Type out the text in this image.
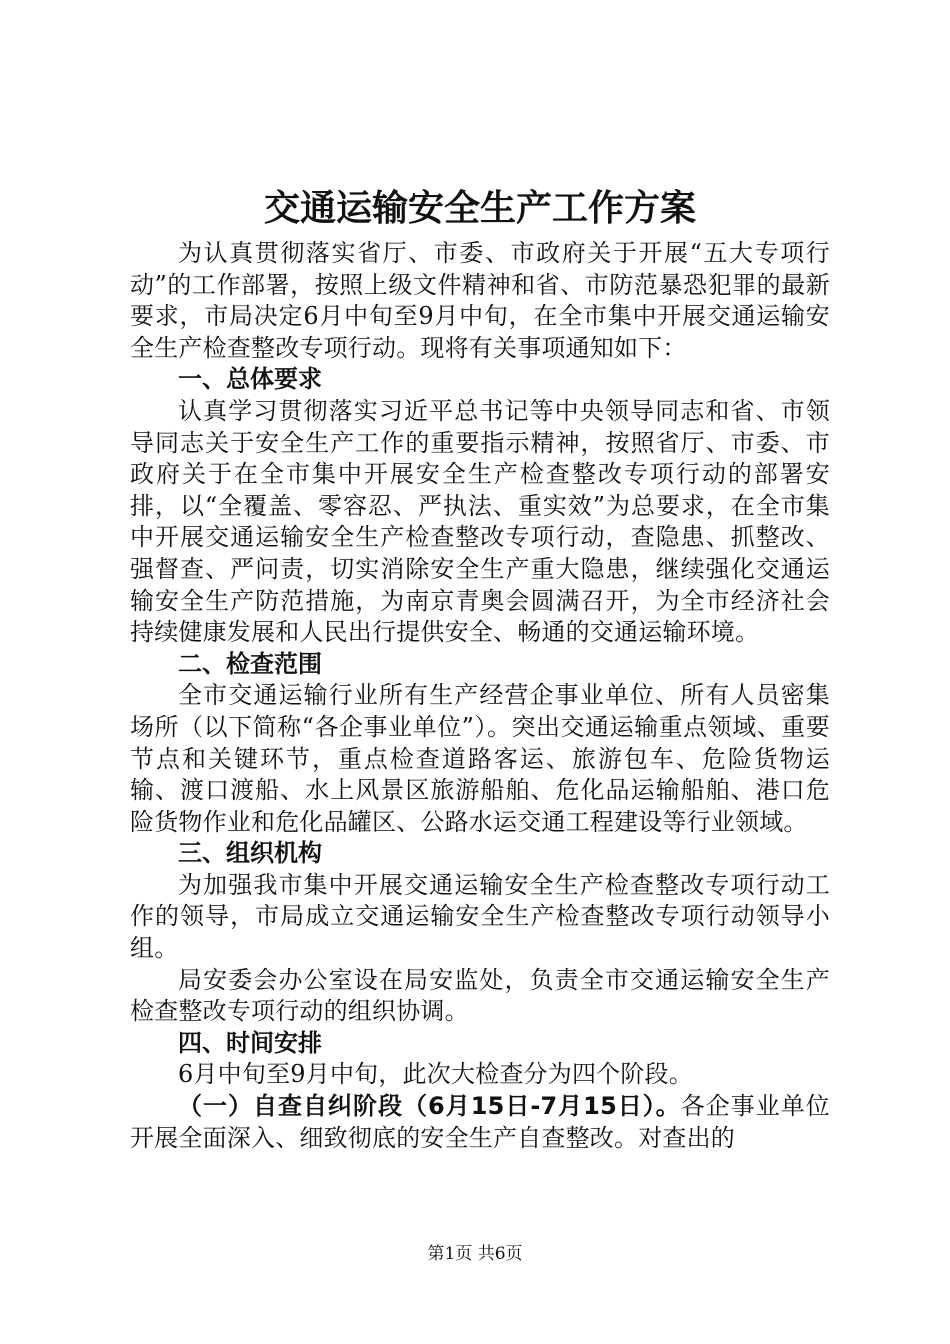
交通运输安全生产工作方案

为认真贯彻落实省厅、市委、市政府关于开展“五大专项行动”的工作部署，按照上级文件精神和省、市防范暴恐犯罪的最新要求，市局决定6月中旬至9月中旬，在全市集中开展交通运输安全生产检查整改专项行动。现将有关事项通知如下：

一、总体要求

认真学习贯彻落实习近平总书记等中央领导同志和省、市领导同志关于安全生产工作的重要指示精神，按照省厅、市委、市政府关于在全市集中开展安全生产检查整改专项行动的部署安排，以“全覆盖、零容忍、严执法、重实效”为总要求，在全市集中开展交通运输安全生产检查整改专项行动，查隐患、抓整改、强督查、严问责，切实消除安全生产重大隐患，继续强化交通运输安全生产防范措施，为南京青奥会圆满召开，为全市经济社会持续健康发展和人民出行提供安全、畅通的交通运输环境。

二、检查范围

全市交通运输行业所有生产经营企事业单位、所有人员密集场所（以下简称“各企事业单位”）。突出交通运输重点领域、重要节点和关键环节，重点检查道路客运、旅游包车、危险货物运输、渡口渡船、水上风景区旅游船舶、危化品运输船舶、港口危险货物作业和危化品罐区、公路水运交通工程建设等行业领域。

三、组织机构

为加强我市集中开展交通运输安全生产检查整改专项行动工作的领导，市局成立交通运输安全生产检查整改专项行动领导小组。

局安委会办公室设在局安监处，负责全市交通运输安全生产检查整改专项行动的组织协调。

四、时间安排

6月中旬至9月中旬，此次大检查分为四个阶段。

（一）自查自纠阶段（6月15日-7月15日）。各企事业单位开展全面深入、细致彻底的安全生产自查整改。对查出的

第1页 共6页
